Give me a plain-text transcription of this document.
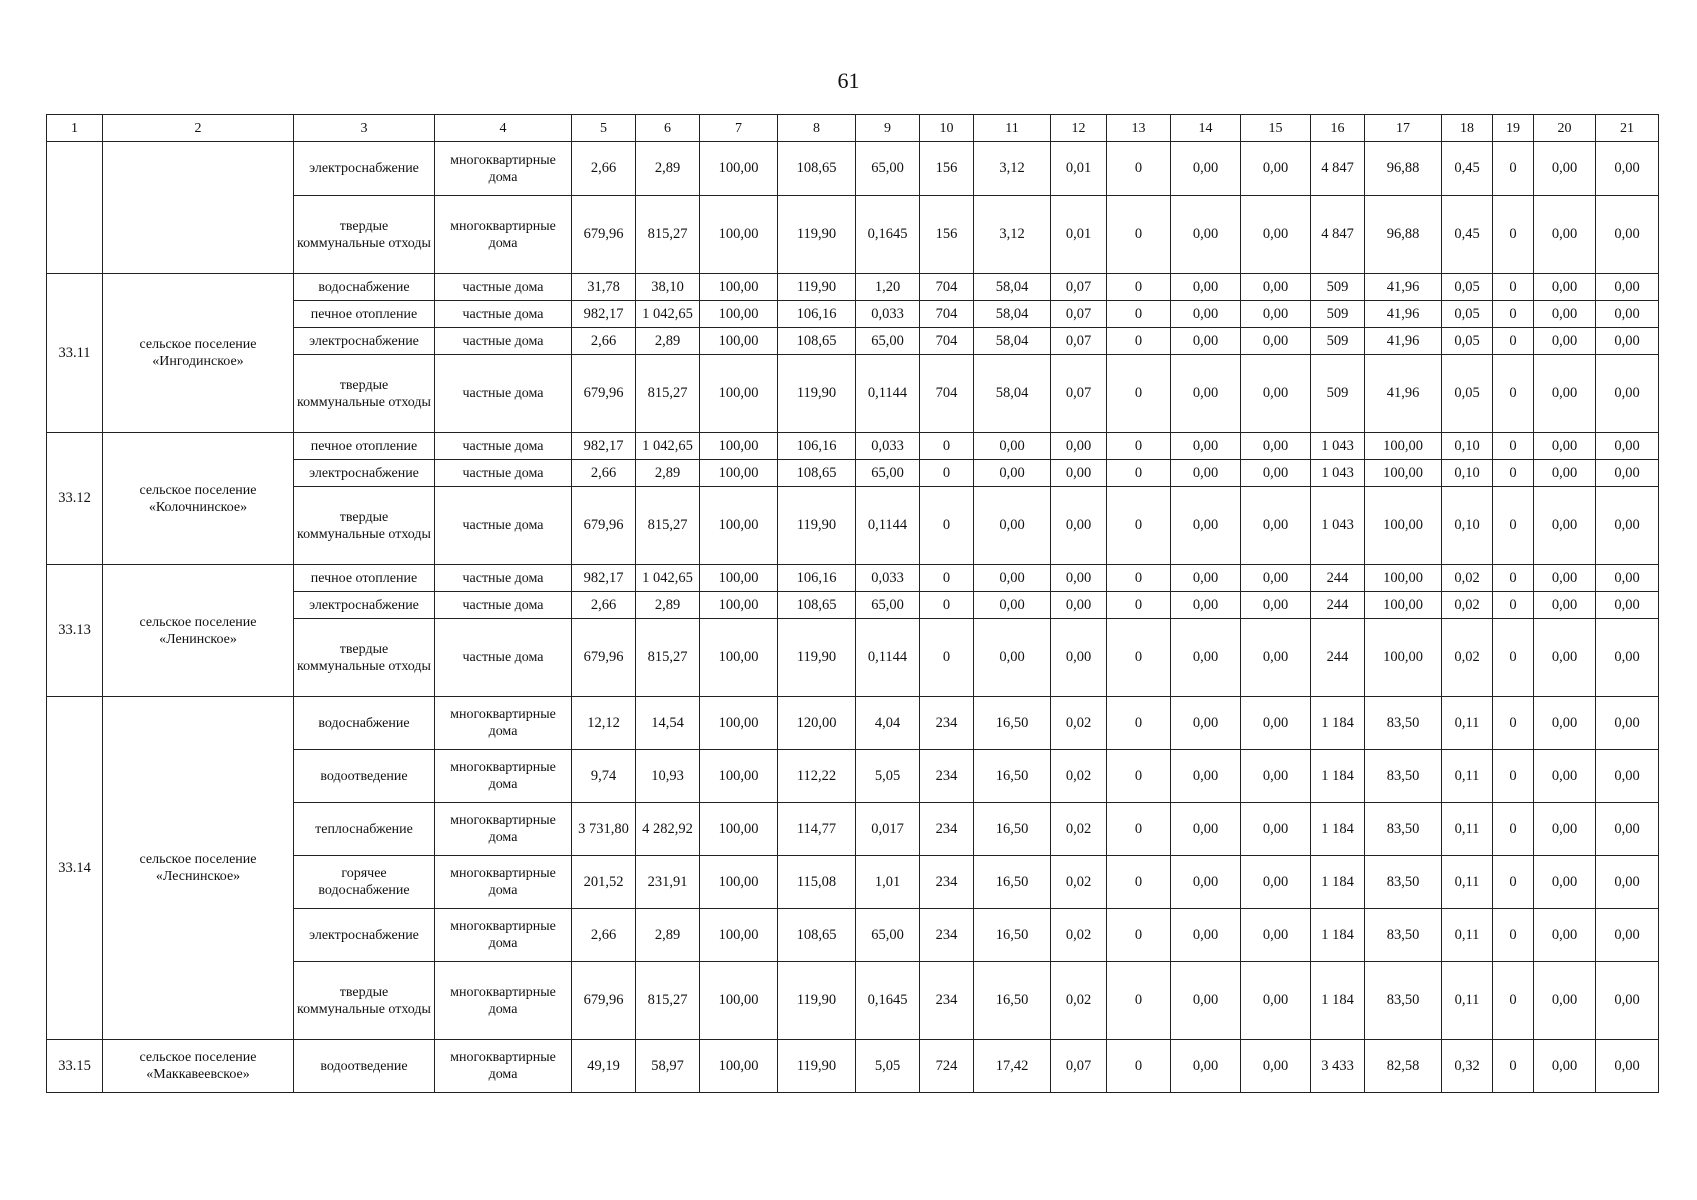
61
1	2	3	4	5	6	7	8	9	10	11	12	13	14	15	16	17	18	19	20	21
		электроснабжение	многоквартирные дома	2,66	2,89	100,00	108,65	65,00	156	3,12	0,01	0	0,00	0,00	4 847	96,88	0,45	0	0,00	0,00
		твердые коммунальные отходы	многоквартирные дома	679,96	815,27	100,00	119,90	0,1645	156	3,12	0,01	0	0,00	0,00	4 847	96,88	0,45	0	0,00	0,00
33.11	сельское поселение «Ингодинское»	водоснабжение	частные дома	31,78	38,10	100,00	119,90	1,20	704	58,04	0,07	0	0,00	0,00	509	41,96	0,05	0	0,00	0,00
		печное отопление	частные дома	982,17	1 042,65	100,00	106,16	0,033	704	58,04	0,07	0	0,00	0,00	509	41,96	0,05	0	0,00	0,00
		электроснабжение	частные дома	2,66	2,89	100,00	108,65	65,00	704	58,04	0,07	0	0,00	0,00	509	41,96	0,05	0	0,00	0,00
		твердые коммунальные отходы	частные дома	679,96	815,27	100,00	119,90	0,1144	704	58,04	0,07	0	0,00	0,00	509	41,96	0,05	0	0,00	0,00
33.12	сельское поселение «Колочнинское»	печное отопление	частные дома	982,17	1 042,65	100,00	106,16	0,033	0	0,00	0,00	0	0,00	0,00	1 043	100,00	0,10	0	0,00	0,00
		электроснабжение	частные дома	2,66	2,89	100,00	108,65	65,00	0	0,00	0,00	0	0,00	0,00	1 043	100,00	0,10	0	0,00	0,00
		твердые коммунальные отходы	частные дома	679,96	815,27	100,00	119,90	0,1144	0	0,00	0,00	0	0,00	0,00	1 043	100,00	0,10	0	0,00	0,00
33.13	сельское поселение «Ленинское»	печное отопление	частные дома	982,17	1 042,65	100,00	106,16	0,033	0	0,00	0,00	0	0,00	0,00	244	100,00	0,02	0	0,00	0,00
		электроснабжение	частные дома	2,66	2,89	100,00	108,65	65,00	0	0,00	0,00	0	0,00	0,00	244	100,00	0,02	0	0,00	0,00
		твердые коммунальные отходы	частные дома	679,96	815,27	100,00	119,90	0,1144	0	0,00	0,00	0	0,00	0,00	244	100,00	0,02	0	0,00	0,00
33.14	сельское поселение «Леснинское»	водоснабжение	многоквартирные дома	12,12	14,54	100,00	120,00	4,04	234	16,50	0,02	0	0,00	0,00	1 184	83,50	0,11	0	0,00	0,00
		водоотведение	многоквартирные дома	9,74	10,93	100,00	112,22	5,05	234	16,50	0,02	0	0,00	0,00	1 184	83,50	0,11	0	0,00	0,00
		теплоснабжение	многоквартирные дома	3 731,80	4 282,92	100,00	114,77	0,017	234	16,50	0,02	0	0,00	0,00	1 184	83,50	0,11	0	0,00	0,00
		горячее водоснабжение	многоквартирные дома	201,52	231,91	100,00	115,08	1,01	234	16,50	0,02	0	0,00	0,00	1 184	83,50	0,11	0	0,00	0,00
		электроснабжение	многоквартирные дома	2,66	2,89	100,00	108,65	65,00	234	16,50	0,02	0	0,00	0,00	1 184	83,50	0,11	0	0,00	0,00
		твердые коммунальные отходы	многоквартирные дома	679,96	815,27	100,00	119,90	0,1645	234	16,50	0,02	0	0,00	0,00	1 184	83,50	0,11	0	0,00	0,00
33.15	сельское поселение «Маккавеевское»	водоотведение	многоквартирные дома	49,19	58,97	100,00	119,90	5,05	724	17,42	0,07	0	0,00	0,00	3 433	82,58	0,32	0	0,00	0,00
